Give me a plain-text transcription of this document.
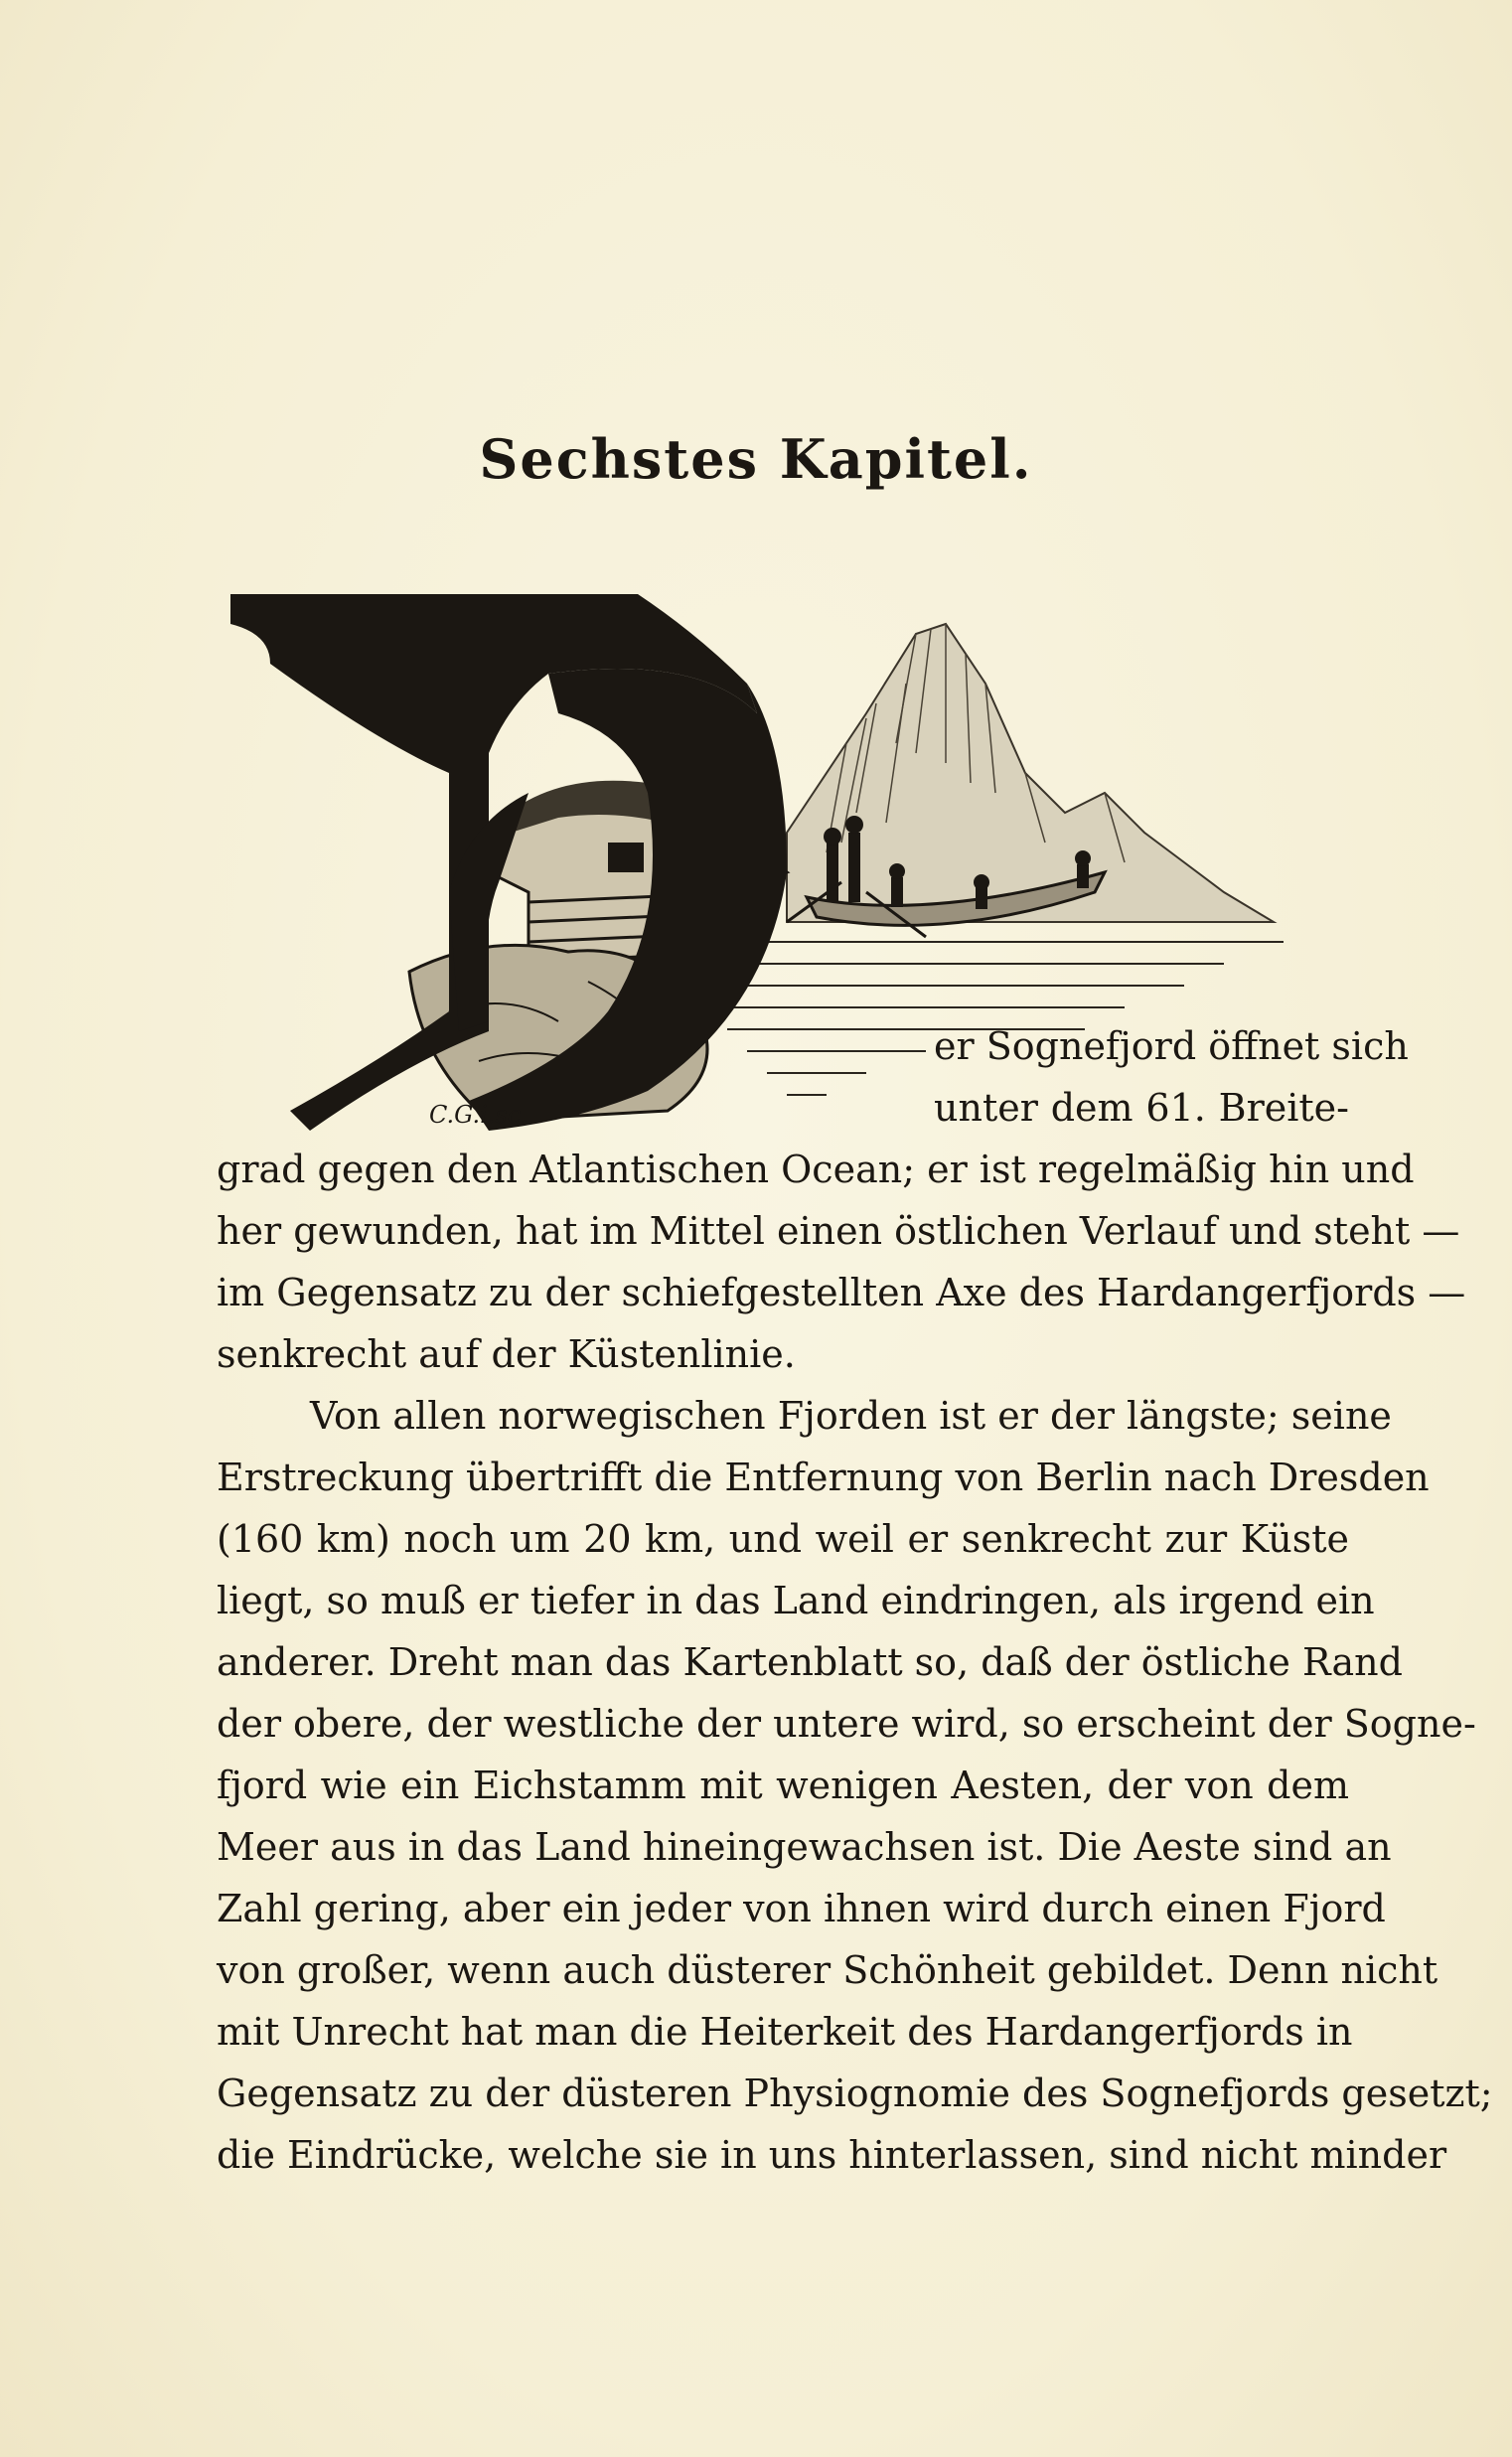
Sechstes Kapitel.
C.G.i.sc.
er Sognefjord öffnet sich
unter dem 61. Breite-
grad gegen den Atlantischen Ocean; er ist regelmäßig hin und
her gewunden, hat im Mittel einen östlichen Verlauf und steht —
im Gegensatz zu der schiefgestellten Axe des Hardangerfjords —
senkrecht auf der Küstenlinie.
Von allen norwegischen Fjorden ist er der längste; seine
Erstreckung übertrifft die Entfernung von Berlin nach Dresden
(160 km) noch um 20 km, und weil er senkrecht zur Küste
liegt, so muß er tiefer in das Land eindringen, als irgend ein
anderer. Dreht man das Kartenblatt so, daß der östliche Rand
der obere, der westliche der untere wird, so erscheint der Sogne-
fjord wie ein Eichstamm mit wenigen Aesten, der von dem
Meer aus in das Land hineingewachsen ist. Die Aeste sind an
Zahl gering, aber ein jeder von ihnen wird durch einen Fjord
von großer, wenn auch düsterer Schönheit gebildet. Denn nicht
mit Unrecht hat man die Heiterkeit des Hardangerfjords in
Gegensatz zu der düsteren Physiognomie des Sognefjords gesetzt;
die Eindrücke, welche sie in uns hinterlassen, sind nicht minder
